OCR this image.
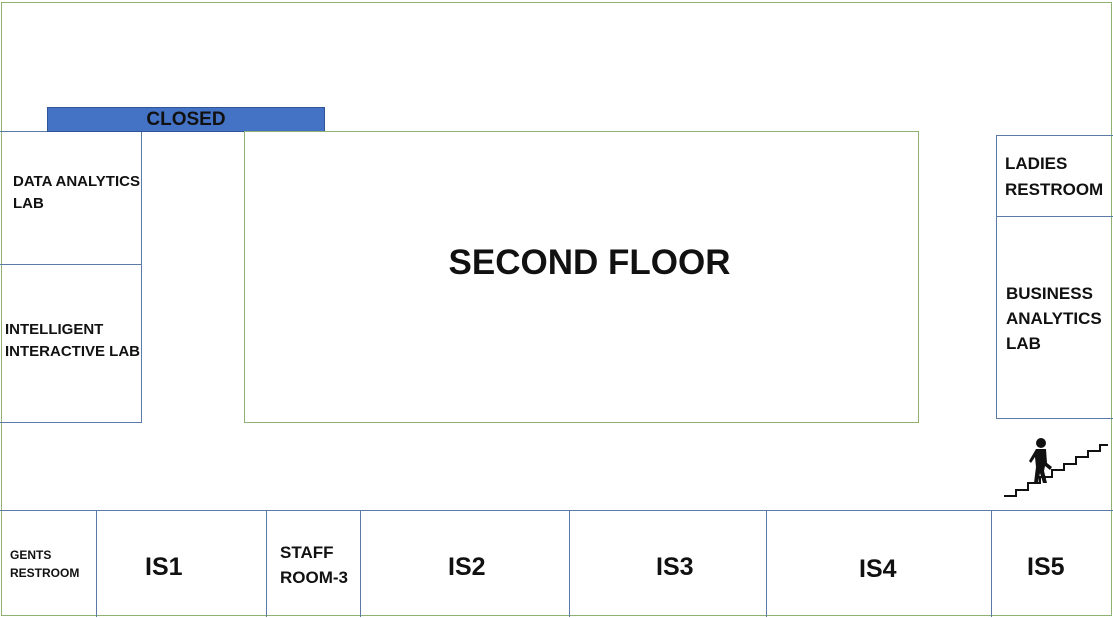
DATA ANALYTICS
LAB
INTELLIGENT
INTERACTIVE LAB
CLOSED
SECOND FLOOR
LADIES
RESTROOM
BUSINESS
ANALYTICS
LAB
GENTS
RESTROOM	IS1
STAFF
ROOM-3	IS2	IS3	IS4	IS5
